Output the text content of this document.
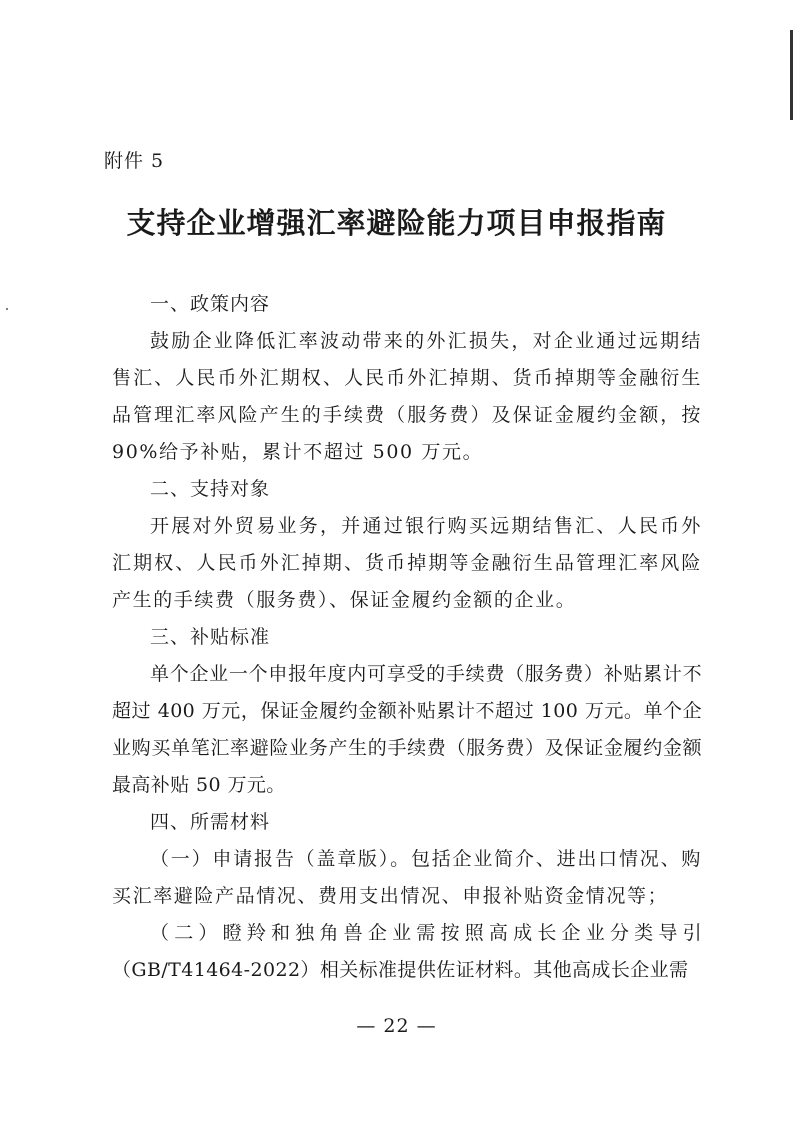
附件 5
支持企业增强汇率避险能力项目申报指南
一、政策内容

鼓励企业降低汇率波动带来的外汇损失，对企业通过远期结售汇、人民币外汇期权、人民币外汇掉期、货币掉期等金融衍生品管理汇率风险产生的手续费（服务费）及保证金履约金额，按90%给予补贴，累计不超过 500 万元。

二、支持对象

开展对外贸易业务，并通过银行购买远期结售汇、人民币外汇期权、人民币外汇掉期、货币掉期等金融衍生品管理汇率风险产生的手续费（服务费）、保证金履约金额的企业。

三、补贴标准

单个企业一个申报年度内可享受的手续费（服务费）补贴累计不超过 400 万元，保证金履约金额补贴累计不超过 100 万元。单个企业购买单笔汇率避险业务产生的手续费（服务费）及保证金履约金额最高补贴 50 万元。

四、所需材料

（一）申请报告（盖章版）。包括企业简介、进出口情况、购买汇率避险产品情况、费用支出情况、申报补贴资金情况等；

（二）瞪羚和独角兽企业需按照高成长企业分类导引（GB/T41464-2022）相关标准提供佐证材料。其他高成长企业需

— 22 —
